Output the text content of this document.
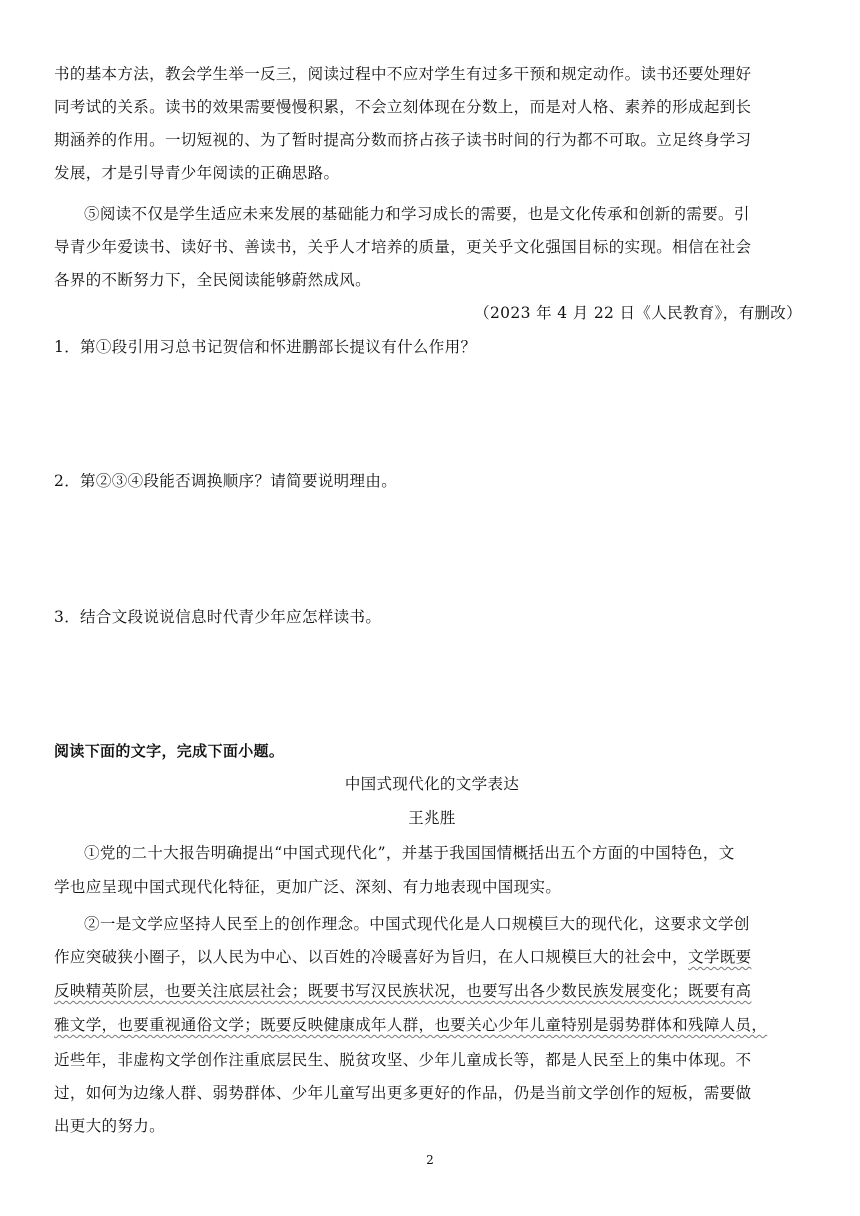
书的基本方法，教会学生举一反三，阅读过程中不应对学生有过多干预和规定动作。读书还要处理好
同考试的关系。读书的效果需要慢慢积累，不会立刻体现在分数上，而是对人格、素养的形成起到长
期涵养的作用。一切短视的、为了暂时提高分数而挤占孩子读书时间的行为都不可取。立足终身学习
发展，才是引导青少年阅读的正确思路。
⑤阅读不仅是学生适应未来发展的基础能力和学习成长的需要，也是文化传承和创新的需要。引
导青少年爱读书、读好书、善读书，关乎人才培养的质量，更关乎文化强国目标的实现。相信在社会
各界的不断努力下，全民阅读能够蔚然成风。
（2023 年 4 月 22 日《人民教育》，有删改）
1．第①段引用习总书记贺信和怀进鹏部长提议有什么作用？
2．第②③④段能否调换顺序？请简要说明理由。
3．结合文段说说信息时代青少年应怎样读书。
阅读下面的文字，完成下面小题。
中国式现代化的文学表达
王兆胜
①党的二十大报告明确提出“中国式现代化”，并基于我国国情概括出五个方面的中国特色，文
学也应呈现中国式现代化特征，更加广泛、深刻、有力地表现中国现实。
②一是文学应坚持人民至上的创作理念。中国式现代化是人口规模巨大的现代化，这要求文学创
作应突破狭小圈子，以人民为中心、以百姓的冷暖喜好为旨归，在人口规模巨大的社会中，文学既要
反映精英阶层，也要关注底层社会；既要书写汉民族状况，也要写出各少数民族发展变化；既要有高
雅文学，也要重视通俗文学；既要反映健康成年人群，也要关心少年儿童特别是弱势群体和残障人员，
近些年，非虚构文学创作注重底层民生、脱贫攻坚、少年儿童成长等，都是人民至上的集中体现。不
过，如何为边缘人群、弱势群体、少年儿童写出更多更好的作品，仍是当前文学创作的短板，需要做
出更大的努力。
2
